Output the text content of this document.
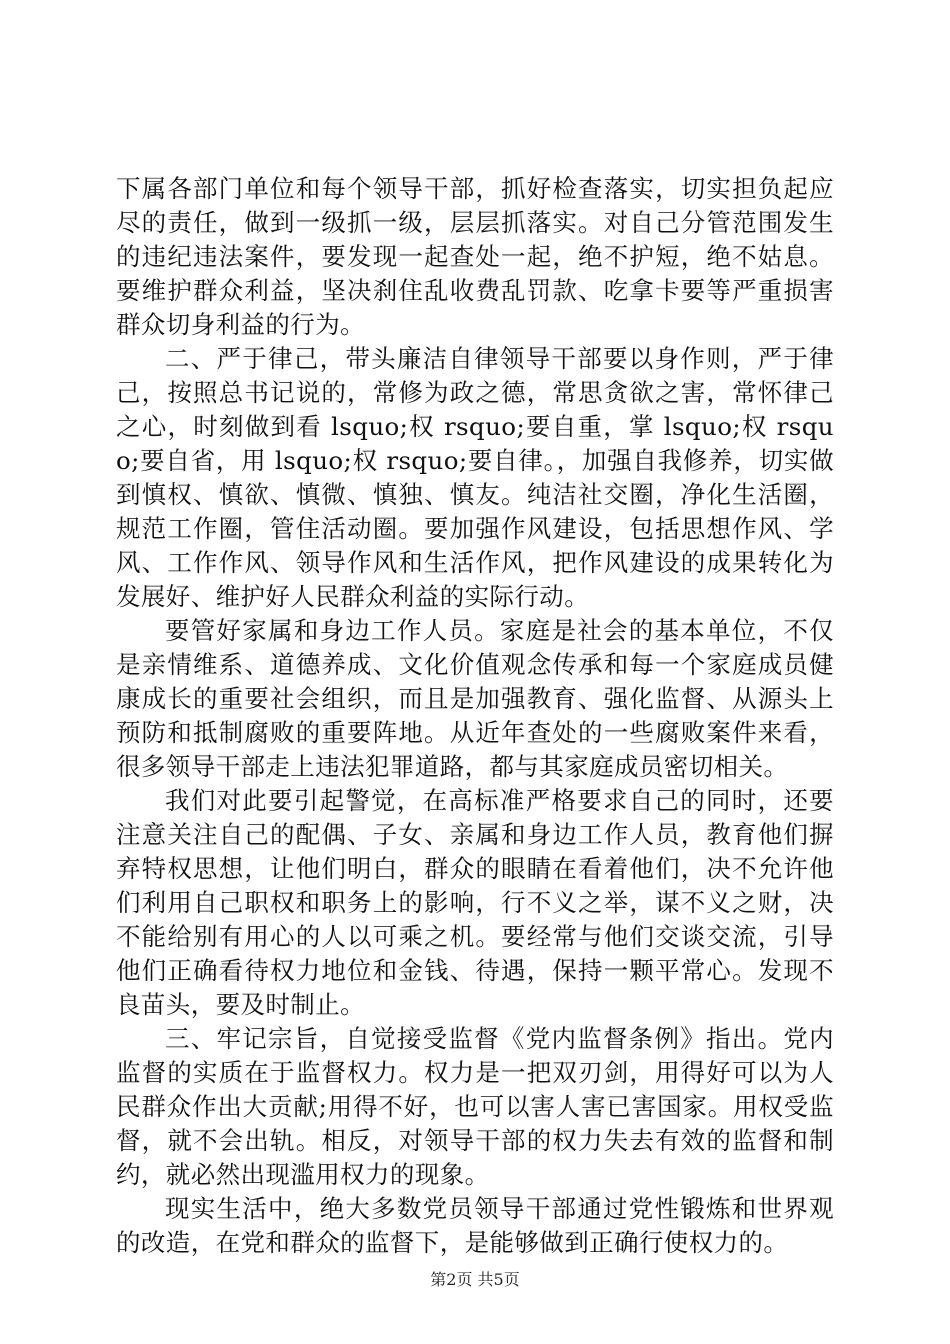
下属各部门单位和每个领导干部，抓好检查落实，切实担负起应尽的责任，做到一级抓一级，层层抓落实。对自己分管范围发生的违纪违法案件，要发现一起查处一起，绝不护短，绝不姑息。要维护群众利益，坚决刹住乱收费乱罚款、吃拿卡要等严重损害群众切身利益的行为。

二、严于律己，带头廉洁自律领导干部要以身作则，严于律己，按照总书记说的，常修为政之德，常思贪欲之害，常怀律己之心，时刻做到看 lsquo;权 rsquo;要自重，掌 lsquo;权 rsquo;要自省，用 lsquo;权 rsquo;要自律。，加强自我修养，切实做到慎权、慎欲、慎微、慎独、慎友。纯洁社交圈，净化生活圈，规范工作圈，管住活动圈。要加强作风建设，包括思想作风、学风、工作作风、领导作风和生活作风，把作风建设的成果转化为发展好、维护好人民群众利益的实际行动。

要管好家属和身边工作人员。家庭是社会的基本单位，不仅是亲情维系、道德养成、文化价值观念传承和每一个家庭成员健康成长的重要社会组织，而且是加强教育、强化监督、从源头上预防和抵制腐败的重要阵地。从近年查处的一些腐败案件来看，很多领导干部走上违法犯罪道路，都与其家庭成员密切相关。

我们对此要引起警觉，在高标准严格要求自己的同时，还要注意关注自己的配偶、子女、亲属和身边工作人员，教育他们摒弃特权思想，让他们明白，群众的眼睛在看着他们，决不允许他们利用自己职权和职务上的影响，行不义之举，谋不义之财，决不能给别有用心的人以可乘之机。要经常与他们交谈交流，引导他们正确看待权力地位和金钱、待遇，保持一颗平常心。发现不良苗头，要及时制止。

三、牢记宗旨，自觉接受监督《党内监督条例》指出。党内监督的实质在于监督权力。权力是一把双刃剑，用得好可以为人民群众作出大贡献;用得不好，也可以害人害已害国家。用权受监督，就不会出轨。相反，对领导干部的权力失去有效的监督和制约，就必然出现滥用权力的现象。

现实生活中，绝大多数党员领导干部通过党性锻炼和世界观的改造，在党和群众的监督下，是能够做到正确行使权力的。

第2页 共5页
